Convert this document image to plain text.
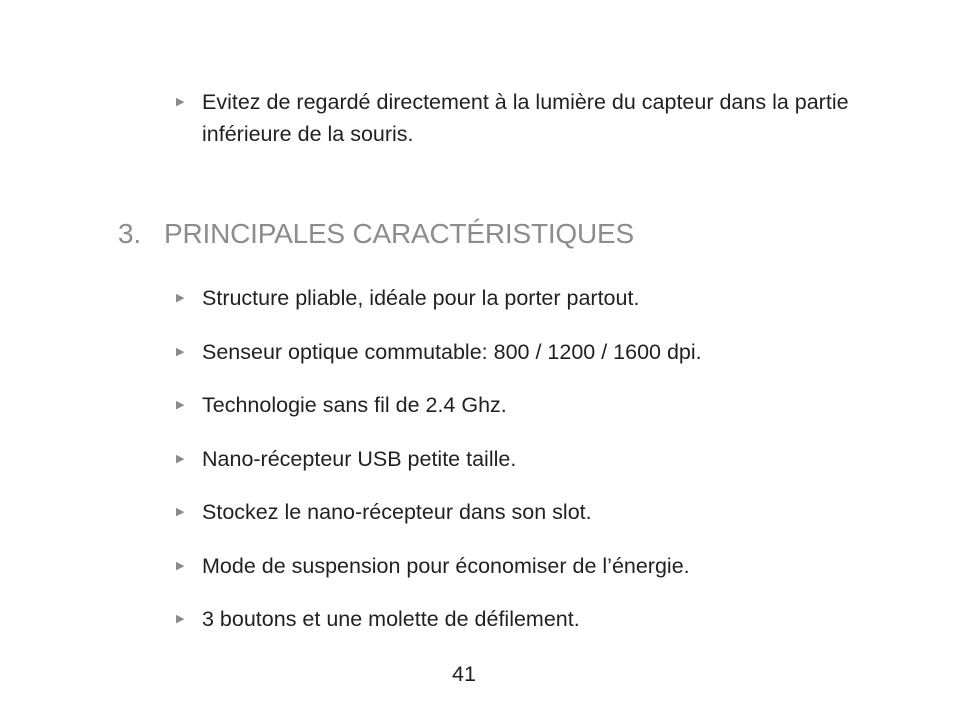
▶ Evitez de regardé directement à la lumière du capteur dans la partie inférieure de la souris.
3. PRINCIPALES CARACTÉRISTIQUES
▶ Structure pliable, idéale pour la porter partout.
▶ Senseur optique commutable: 800 / 1200 / 1600 dpi.
▶ Technologie sans fil de 2.4 Ghz.
▶ Nano-récepteur USB petite taille.
▶ Stockez le nano-récepteur dans son slot.
▶ Mode de suspension pour économiser de l’énergie.
▶ 3 boutons et une molette de défilement.
41
